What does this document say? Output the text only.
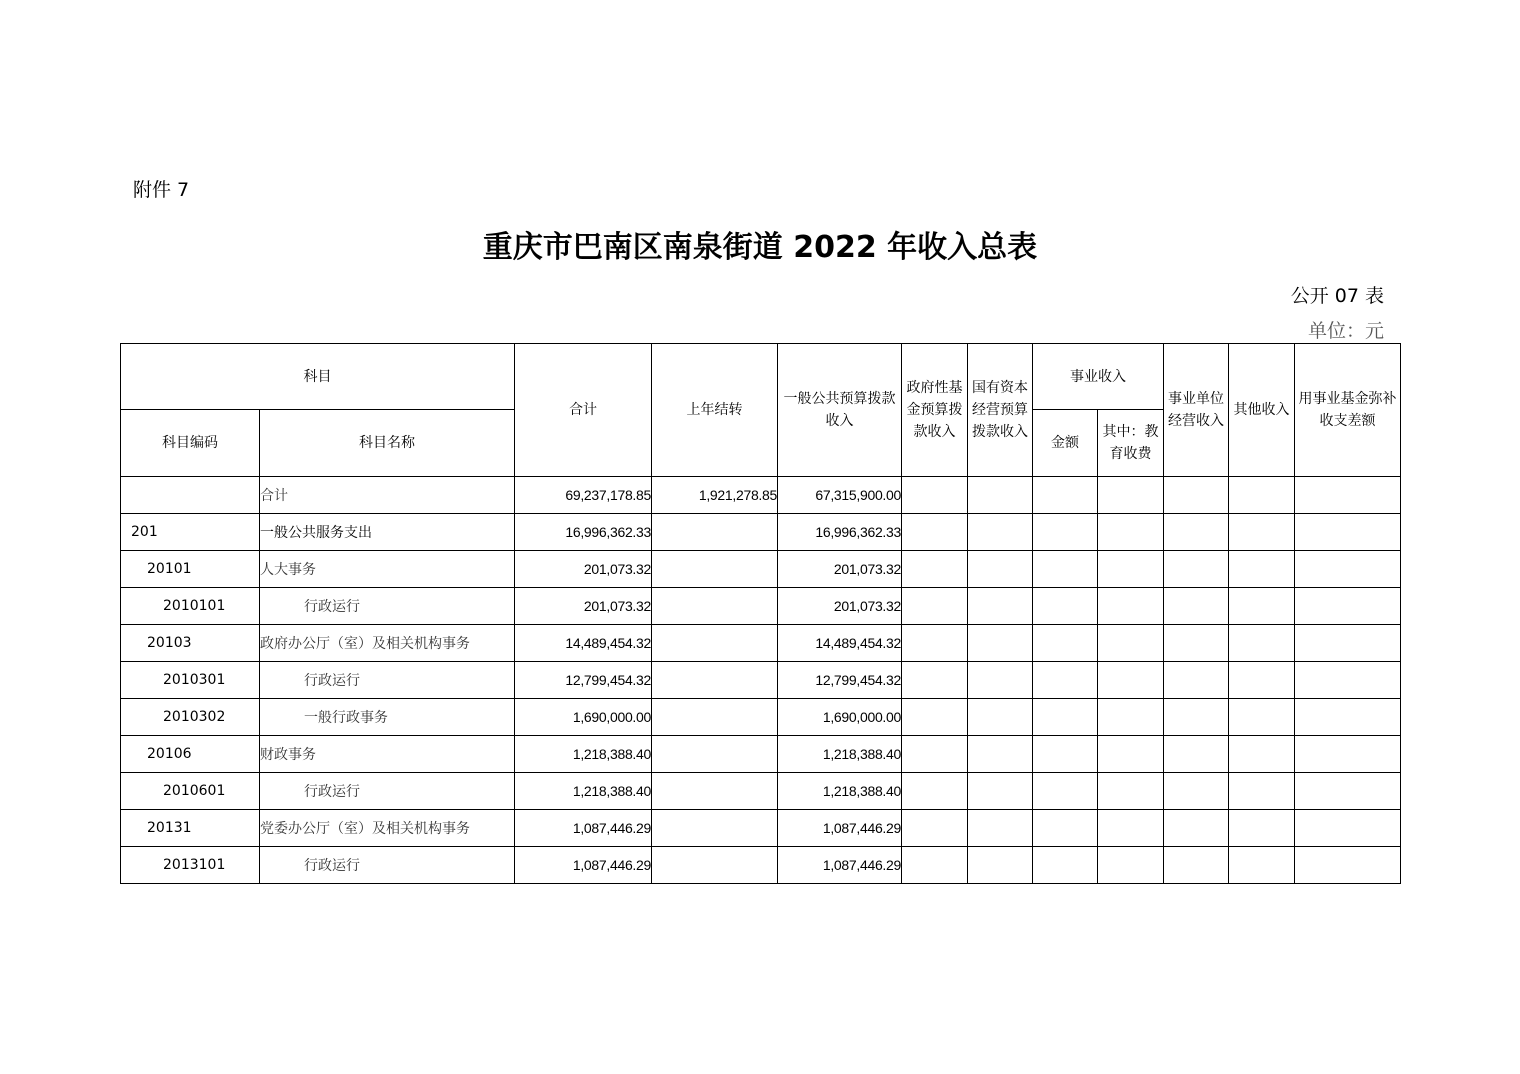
附件 7
重庆市巴南区南泉街道 2022 年收入总表
公开 07 表
单位：元
科目		合计	上年结转	一般公共预算拨款收入	政府性基金预算拨款收入	国有资本经营预算拨款收入	事业收入		事业单位经营收入	其他收入	用事业基金弥补收支差额
科目编码	科目名称						金额	其中：教育收费			
	合计	69,237,178.85	1,921,278.85	67,315,900.00							
201	一般公共服务支出	16,996,362.33		16,996,362.33							
20101	人大事务	201,073.32		201,073.32							
2010101	行政运行	201,073.32		201,073.32							
20103	政府办公厅（室）及相关机构事务	14,489,454.32		14,489,454.32							
2010301	行政运行	12,799,454.32		12,799,454.32							
2010302	一般行政事务	1,690,000.00		1,690,000.00							
20106	财政事务	1,218,388.40		1,218,388.40							
2010601	行政运行	1,218,388.40		1,218,388.40							
20131	党委办公厅（室）及相关机构事务	1,087,446.29		1,087,446.29							
2013101	行政运行	1,087,446.29		1,087,446.29							
